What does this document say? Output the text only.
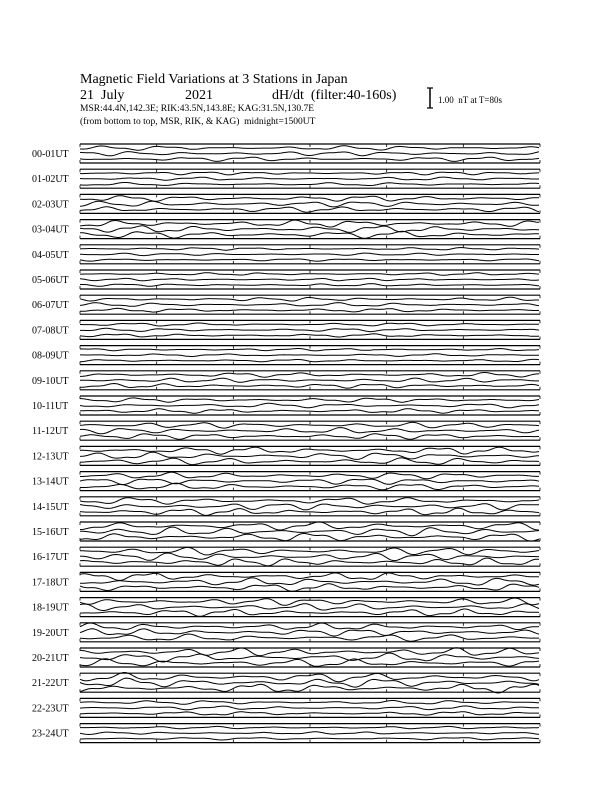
Magnetic Field Variations at 3 Stations in Japan
21  July	2021	dH/dt  (filter:40-160s)
MSR:44.4N,142.3E; RIK:43.5N,143.8E; KAG:31.5N,130.7E
(from bottom to top, MSR, RIK, & KAG)  midnight=1500UT
1.00  nT at T=80s
00-01UT
01-02UT
02-03UT
03-04UT
04-05UT
05-06UT
06-07UT
07-08UT
08-09UT
09-10UT
10-11UT
11-12UT
12-13UT
13-14UT
14-15UT
15-16UT
16-17UT
17-18UT
18-19UT
19-20UT
20-21UT
21-22UT
22-23UT
23-24UT
